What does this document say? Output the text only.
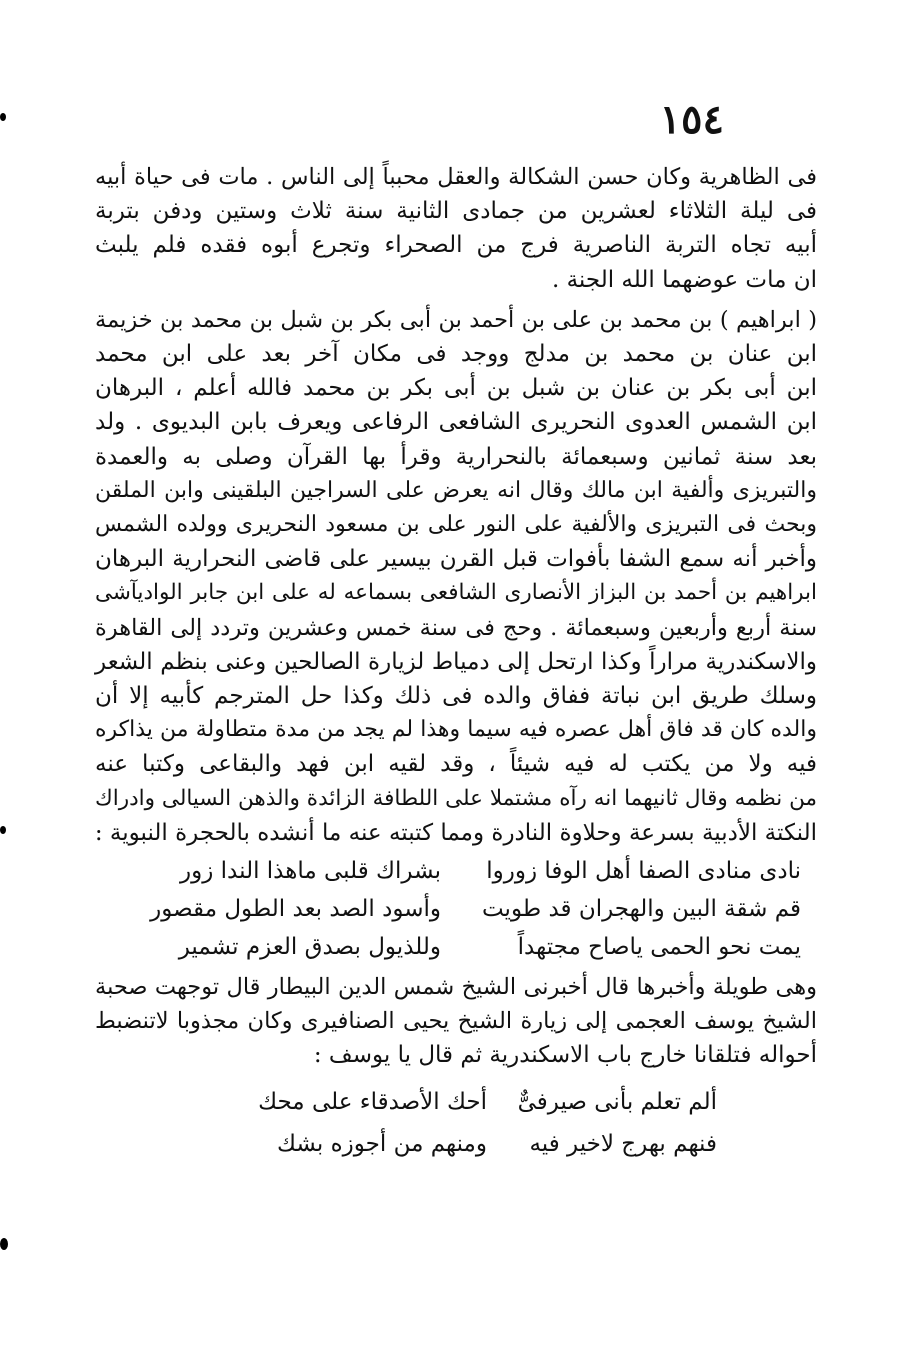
١٥٤

فى الظاهرية وكان حسن الشكالة والعقل محبباً إلى الناس . مات فى حياة أبيه
فى ليلة الثلاثاء لعشرين من جمادى الثانية سنة ثلاث وستين ودفن بتربة
أبيه تجاه التربة الناصرية فرج من الصحراء وتجرع أبوه فقده فلم يلبث
ان مات عوضهما الله الجنة .

( ابراهيم ) بن محمد بن على بن أحمد بن أبى بكر بن شبل بن محمد بن خزيمة
ابن عنان بن محمد بن مدلج ووجد فى مكان آخر بعد على ابن محمد
ابن أبى بكر بن عنان بن شبل بن أبى بكر بن محمد فالله أعلم ، البرهان
ابن الشمس العدوى النحريرى الشافعى الرفاعى ويعرف بابن البديوى . ولد
بعد سنة ثمانين وسبعمائة بالنحرارية وقرأ بها القرآن وصلى به والعمدة
والتبريزى وألفية ابن مالك وقال انه يعرض على السراجين البلقينى وابن الملقن
وبحث فى التبريزى والألفية على النور على بن مسعود النحريرى وولده الشمس
وأخبر أنه سمع الشفا بأفوات قبل القرن بيسير على قاضى النحرارية البرهان
ابراهيم بن أحمد بن البزاز الأنصارى الشافعى بسماعه له على ابن جابر الواديآشى
سنة أربع وأربعين وسبعمائة . وحج فى سنة خمس وعشرين وتردد إلى القاهرة
والاسكندرية مراراً وكذا ارتحل إلى دمياط لزيارة الصالحين وعنى بنظم الشعر
وسلك طريق ابن نباتة ففاق والده فى ذلك وكذا حل المترجم كأبيه إلا أن
والده كان قد فاق أهل عصره فيه سيما وهذا لم يجد من مدة متطاولة من يذاكره
فيه ولا من يكتب له فيه شيئاً ، وقد لقيه ابن فهد والبقاعى وكتبا عنه
من نظمه وقال ثانيهما انه رآه مشتملا على اللطافة الزائدة والذهن السيالى وادراك
النكتة الأدبية بسرعة وحلاوة النادرة ومما كتبته عنه ما أنشده بالحجرة النبوية :

نادى منادى الصفا أهل الوفا زوروا
بشراك قلبى ماهذا الندا زور
قم شقة البين والهجران قد طويت
وأسود الصد بعد الطول مقصور
يمت نحو الحمى ياصاح مجتهداً
وللذيول بصدق العزم تشمير

وهى طويلة وأخبرها قال أخبرنى الشيخ شمس الدين البيطار قال توجهت صحبة
الشيخ يوسف العجمى إلى زيارة الشيخ يحيى الصنافيرى وكان مجذوبا لاتنضبط
أحواله فتلقانا خارج باب الاسكندرية ثم قال يا يوسف :

ألم تعلم بأنى صيرفىٌّ
أحك الأصدقاء على محك
فنهم بهرج لاخير فيه
ومنهم من أجوزه بشك
